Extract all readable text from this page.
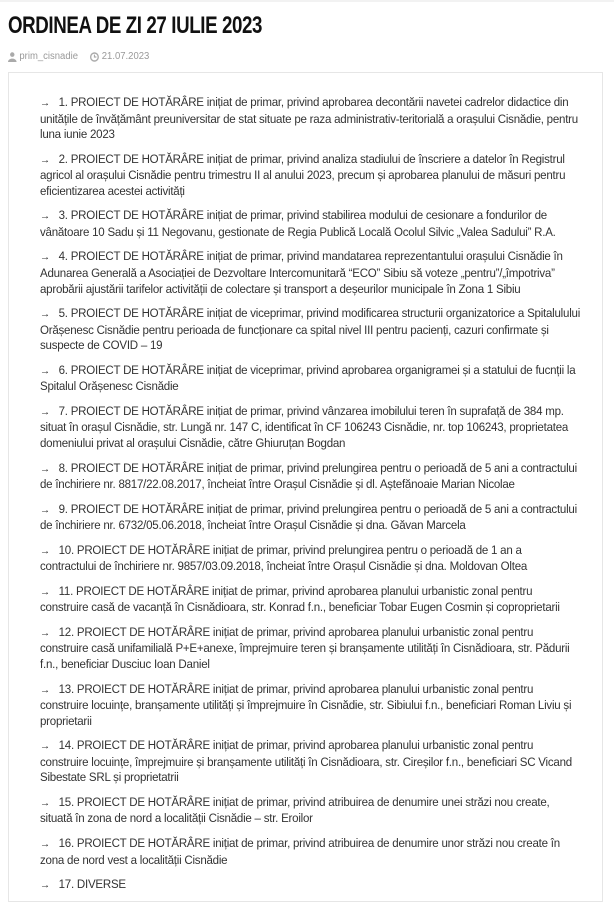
ORDINEA DE ZI 27 IULIE 2023
prim_cisnadie 21.07.2023
→ 1. PROIECT DE HOTĂRÂRE inițiat de primar, privind aprobarea decontării navetei cadrelor didactice din unitățile de învățământ preuniversitar de stat situate pe raza administrativ-teritorială a orașului Cisnădie, pentru luna iunie 2023
→ 2. PROIECT DE HOTĂRÂRE inițiat de primar, privind analiza stadiului de înscriere a datelor în Registrul agricol al orașului Cisnădie pentru trimestru II al anului 2023, precum și aprobarea planului de măsuri pentru eficientizarea acestei activități
→ 3. PROIECT DE HOTĂRÂRE inițiat de primar, privind stabilirea modului de cesionare a fondurilor de vânătoare 10 Sadu și 11 Negovanu, gestionate de Regia Publică Locală Ocolul Silvic „Valea Sadului” R.A.
→ 4. PROIECT DE HOTĂRÂRE inițiat de primar, privind mandatarea reprezentantului orașului Cisnădie în Adunarea Generală a Asociației de Dezvoltare Intercomunitară “ECO” Sibiu să voteze „pentru”/„împotriva” aprobării ajustării tarifelor activității de colectare și transport a deșeurilor municipale în Zona 1 Sibiu
→ 5. PROIECT DE HOTĂRÂRE inițiat de viceprimar, privind modificarea structurii organizatorice a Spitalulului Orășenesc Cisnădie pentru perioada de funcționare ca spital nivel III pentru pacienți, cazuri confirmate și suspecte de COVID – 19
→ 6. PROIECT DE HOTĂRÂRE inițiat de viceprimar, privind aprobarea organigramei și a statului de fucnții la Spitalul Orășenesc Cisnădie
→ 7. PROIECT DE HOTĂRÂRE inițiat de primar, privind vânzarea imobilului teren în suprafață de 384 mp. situat în orașul Cisnădie, str. Lungă nr. 147 C, identificat în CF 106243 Cisnădie, nr. top 106243, proprietatea domeniului privat al orașului Cisnădie, către Ghiuruțan Bogdan
→ 8. PROIECT DE HOTĂRÂRE inițiat de primar, privind prelungirea pentru o perioadă de 5 ani a contractului de închiriere nr. 8817/22.08.2017, încheiat între Orașul Cisnădie și dl. Aștefănoaie Marian Nicolae
→ 9. PROIECT DE HOTĂRÂRE inițiat de primar, privind prelungirea pentru o perioadă de 5 ani a contractului de închiriere nr. 6732/05.06.2018, încheiat între Orașul Cisnădie și dna. Găvan Marcela
→ 10. PROIECT DE HOTĂRÂRE inițiat de primar, privind prelungirea pentru o perioadă de 1 an a contractului de închiriere nr. 9857/03.09.2018, încheiat între Orașul Cisnădie și dna. Moldovan Oltea
→ 11. PROIECT DE HOTĂRÂRE inițiat de primar, privind aprobarea planului urbanistic zonal pentru construire casă de vacanță în Cisnădioara, str. Konrad f.n., beneficiar Tobar Eugen Cosmin și coproprietarii
→ 12. PROIECT DE HOTĂRÂRE inițiat de primar, privind aprobarea planului urbanistic zonal pentru construire casă unifamilială P+E+anexe, împrejmuire teren și branșamente utilități în Cisnădioara, str. Pădurii f.n., beneficiar Dusciuc Ioan Daniel
→ 13. PROIECT DE HOTĂRÂRE inițiat de primar, privind aprobarea planului urbanistic zonal pentru construire locuințe, branșamente utilități și împrejmuire în Cisnădie, str. Sibiului f.n., beneficiari Roman Liviu și proprietarii
→ 14. PROIECT DE HOTĂRÂRE inițiat de primar, privind aprobarea planului urbanistic zonal pentru construire locuințe, împrejmuire și branșamente utilități în Cisnădioara, str. Cireșilor f.n., beneficiari SC Vicand Sibestate SRL și proprietatrii
→ 15. PROIECT DE HOTĂRÂRE inițiat de primar, privind atribuirea de denumire unei străzi nou create, situată în zona de nord a localității Cisnădie – str. Eroilor
→ 16. PROIECT DE HOTĂRÂRE inițiat de primar, privind atribuirea de denumire unor străzi nou create în zona de nord vest a localității Cisnădie
→ 17. DIVERSE
